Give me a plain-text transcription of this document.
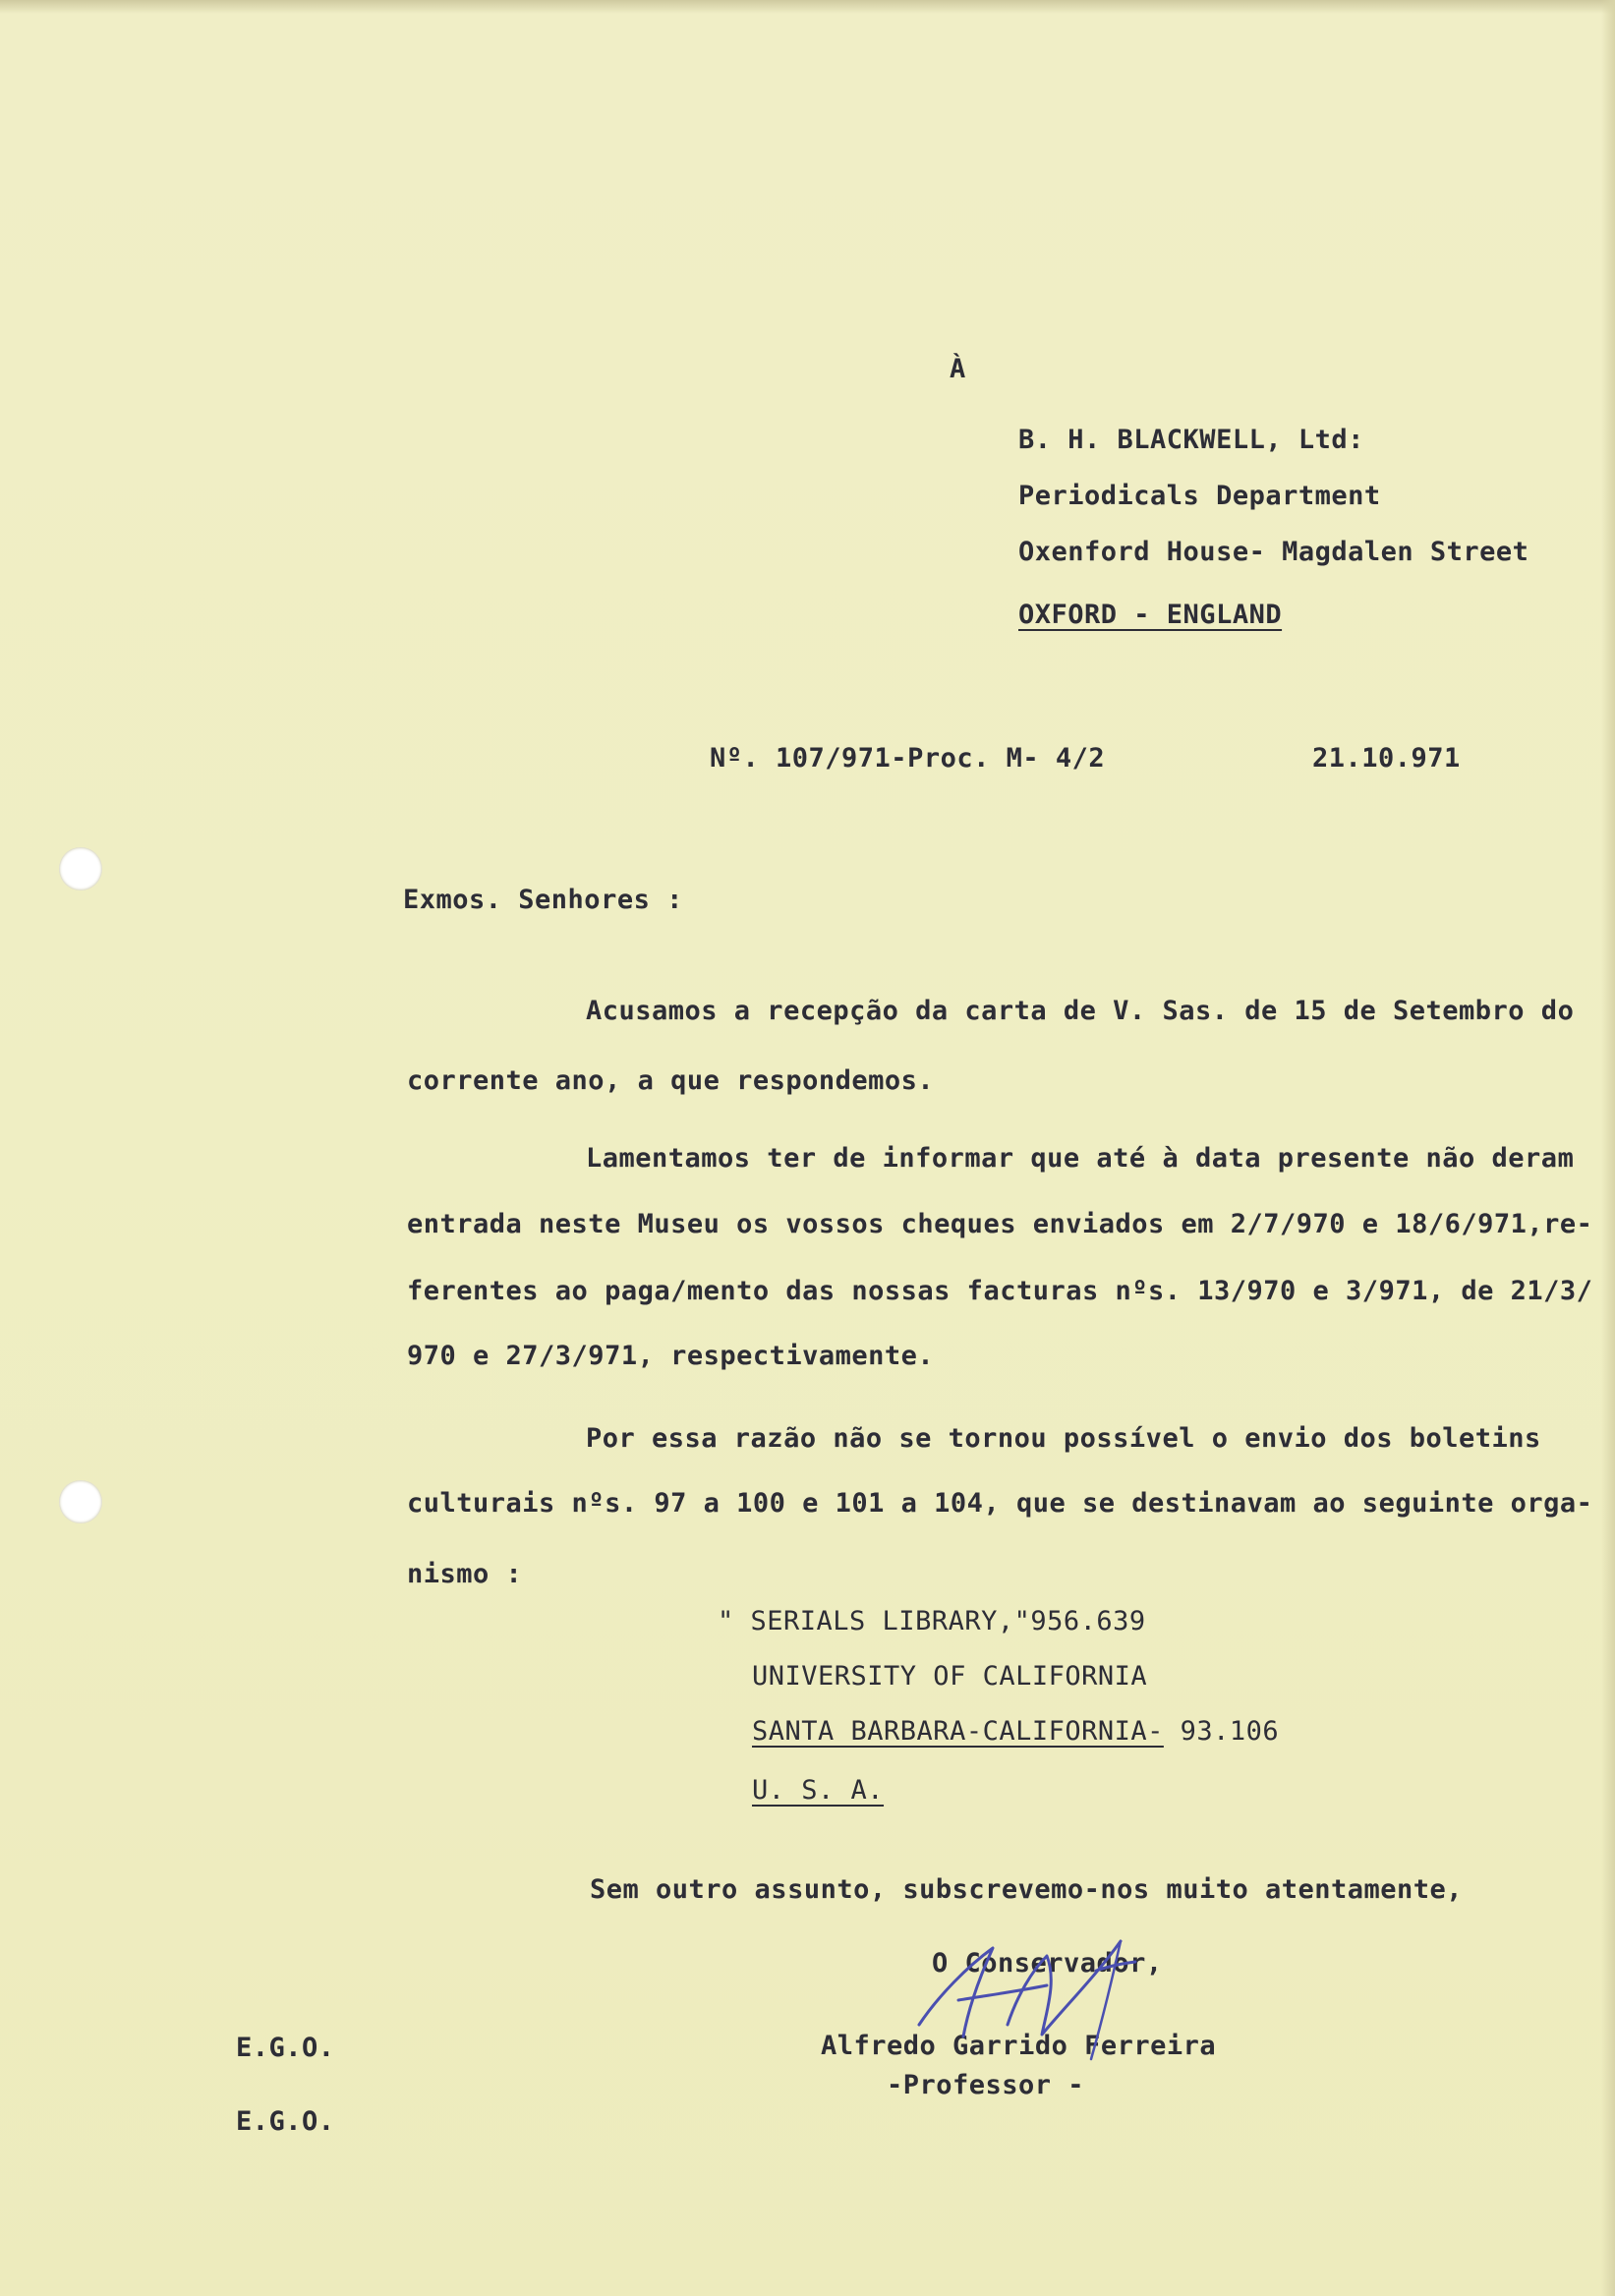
À
B. H. BLACKWELL, Ltd:
Periodicals Department
Oxenford House- Magdalen Street
OXFORD - ENGLAND
Nº. 107/971-Proc. M- 4/2	21.10.971
Exmos. Senhores :
Acusamos a recepção da carta de V. Sas. de 15 de Setembro do
corrente ano, a que respondemos.
Lamentamos ter de informar que até à data presente não deram
entrada neste Museu os vossos cheques enviados em 2/7/970 e 18/6/971,re-
ferentes ao paga/mento das nossas facturas nºs. 13/970 e 3/971, de 21/3/
970 e 27/3/971, respectivamente.
Por essa razão não se tornou possível o envio dos boletins
culturais nºs. 97 a 100 e 101 a 104, que se destinavam ao seguinte orga-
nismo :
" SERIALS LIBRARY,"956.639
UNIVERSITY OF CALIFORNIA
SANTA BARBARA-CALIFORNIA- 93.106
U. S. A.
Sem outro assunto, subscrevemo-nos muito atentamente,
O Conservador,
Alfredo Garrido Ferreira
-Professor -
E.G.O.
E.G.O.
